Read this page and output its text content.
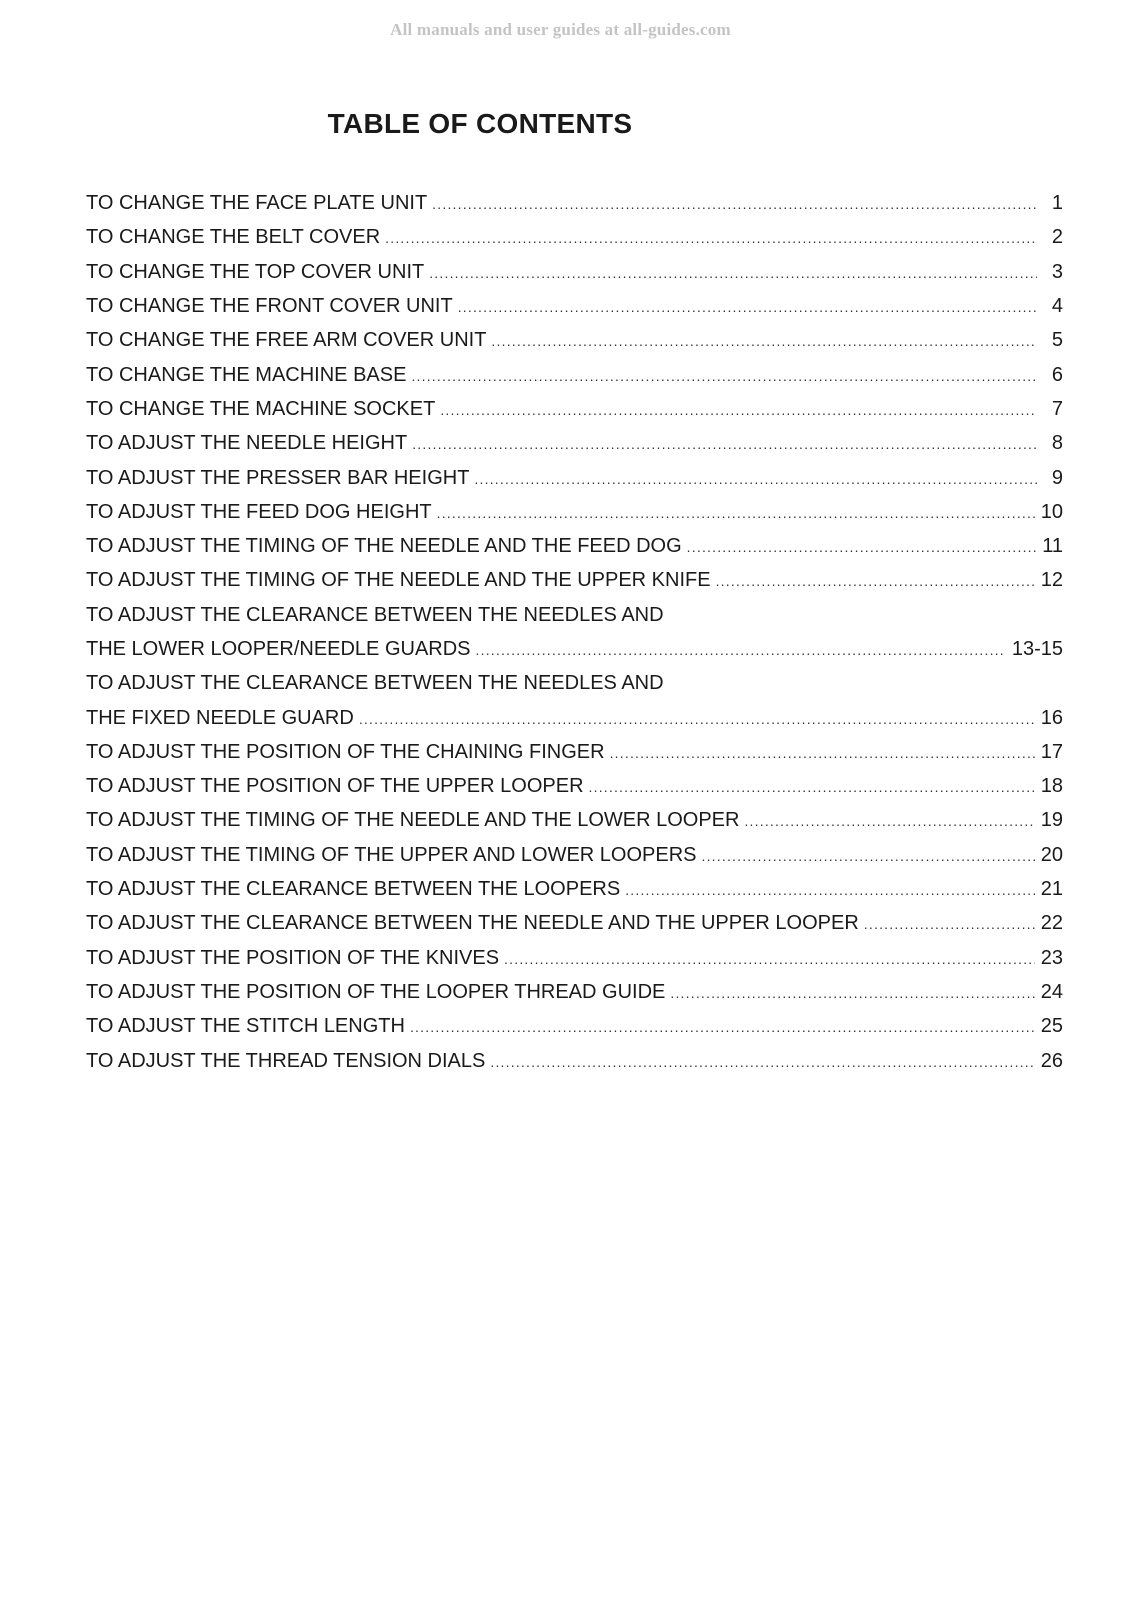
All manuals and user guides at all-guides.com
TABLE OF CONTENTS
TO CHANGE THE FACE PLATE UNIT .....	1
TO CHANGE THE BELT COVER .....	2
TO CHANGE THE TOP COVER UNIT .....	3
TO CHANGE THE FRONT COVER UNIT .....	4
TO CHANGE THE FREE ARM COVER UNIT .....	5
TO CHANGE THE MACHINE BASE .....	6
TO CHANGE THE MACHINE SOCKET .....	7
TO ADJUST THE NEEDLE HEIGHT .....	8
TO ADJUST THE PRESSER BAR HEIGHT .....	9
TO ADJUST THE FEED DOG HEIGHT .....	10
TO ADJUST THE TIMING OF THE NEEDLE AND THE FEED DOG .....	11
TO ADJUST THE TIMING OF THE NEEDLE AND THE UPPER KNIFE .....	12
TO ADJUST THE CLEARANCE BETWEEN THE NEEDLES AND
THE LOWER LOOPER/NEEDLE GUARDS .....	13-15
TO ADJUST THE CLEARANCE BETWEEN THE NEEDLES AND
THE FIXED NEEDLE GUARD .....	16
TO ADJUST THE POSITION OF THE CHAINING FINGER .....	17
TO ADJUST THE POSITION OF THE UPPER LOOPER .....	18
TO ADJUST THE TIMING OF THE NEEDLE AND THE LOWER LOOPER .....	19
TO ADJUST THE TIMING OF THE UPPER AND LOWER LOOPERS .....	20
TO ADJUST THE CLEARANCE BETWEEN THE LOOPERS .....	21
TO ADJUST THE CLEARANCE BETWEEN THE NEEDLE AND THE UPPER LOOPER .....	22
TO ADJUST THE POSITION OF THE KNIVES .....	23
TO ADJUST THE POSITION OF THE LOOPER THREAD GUIDE .....	24
TO ADJUST THE STITCH LENGTH .....	25
TO ADJUST THE THREAD TENSION DIALS .....	26
